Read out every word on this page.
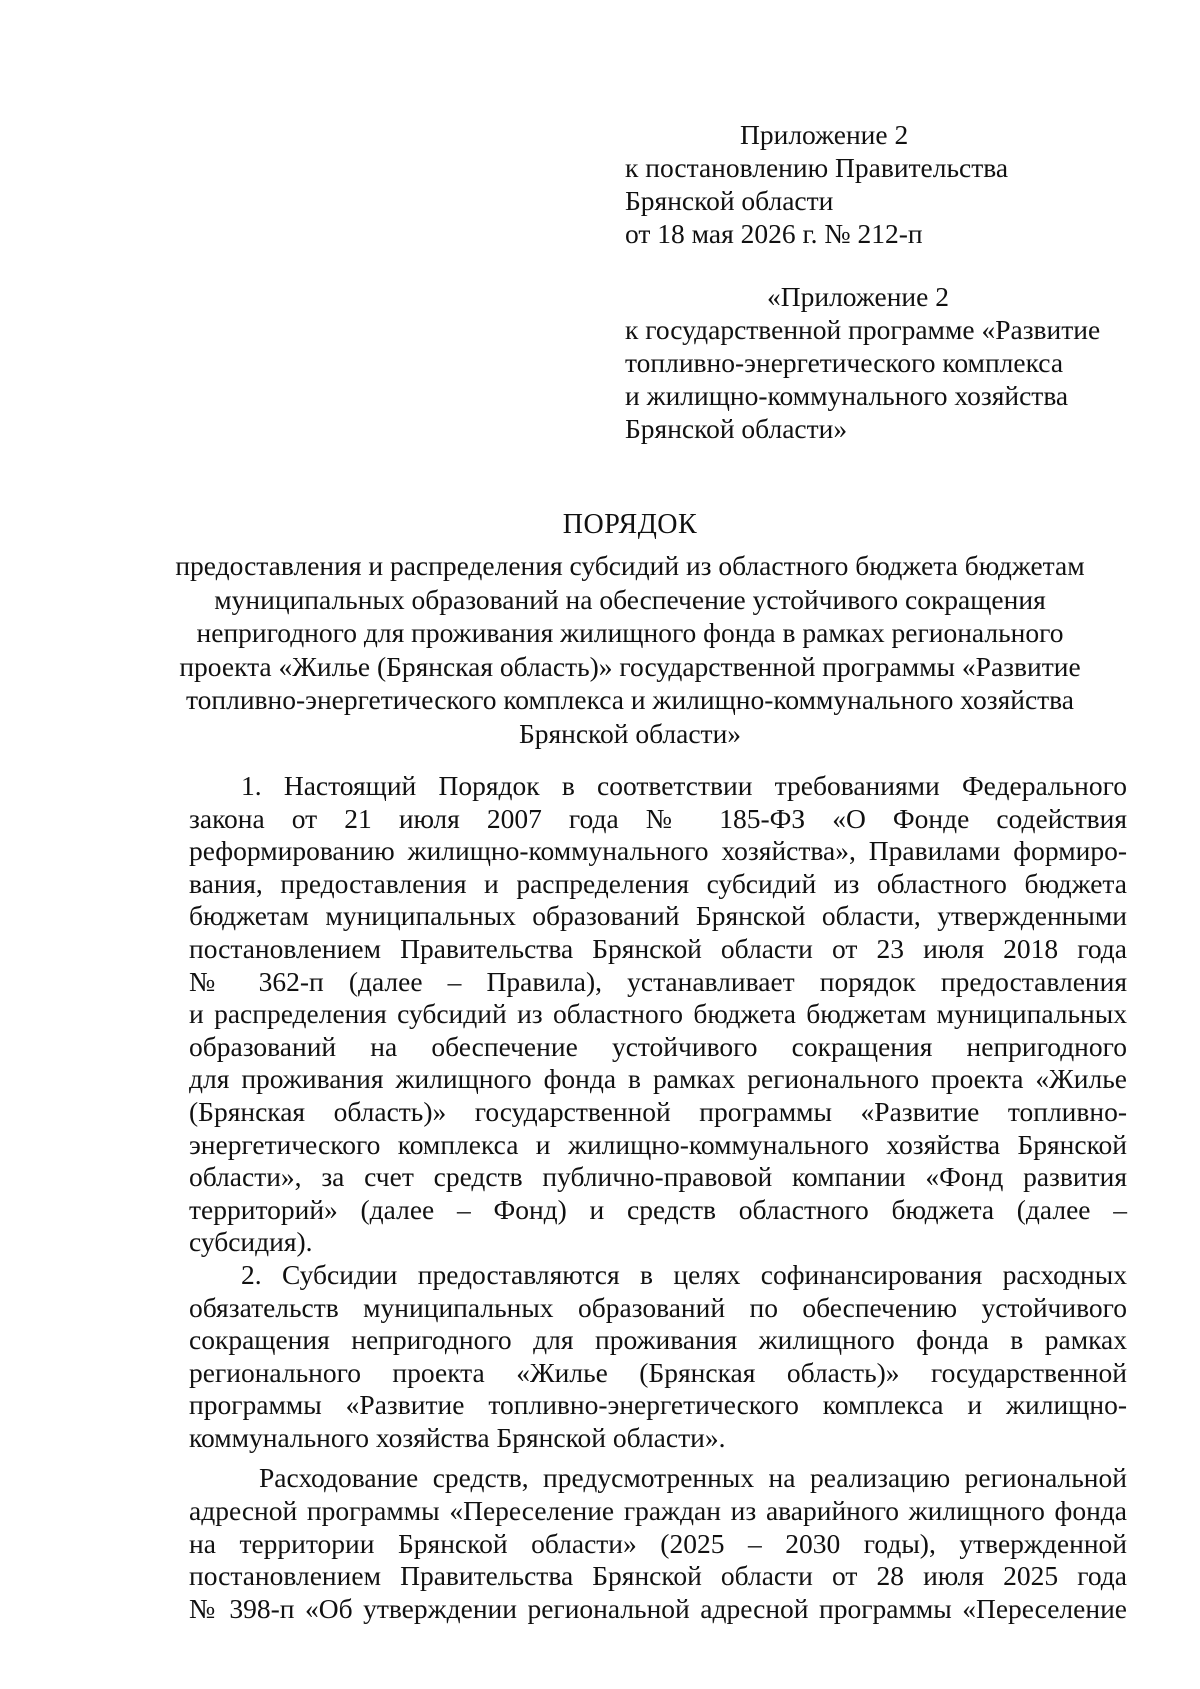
Приложение 2
к постановлению Правительства
Брянской области
от 18 мая 2026 г. № 212-п
«Приложение 2
к государственной программе «Развитие
топливно-энергетического комплекса
и жилищно-коммунального хозяйства
Брянской области»
ПОРЯДОК
предоставления и распределения субсидий из областного бюджета бюджетам
муниципальных образований на обеспечение устойчивого сокращения
непригодного для проживания жилищного фонда в рамках регионального
проекта «Жилье (Брянская область)» государственной программы «Развитие
топливно-энергетического комплекса и жилищно-коммунального хозяйства
Брянской области»
1. Настоящий Порядок в соответствии требованиями Федерального
закона от 21 июля 2007 года № 185-ФЗ «О Фонде содействия
реформированию жилищно-коммунального хозяйства», Правилами формиро-
вания, предоставления и распределения субсидий из областного бюджета
бюджетам муниципальных образований Брянской области, утвержденными
постановлением Правительства Брянской области от 23 июля 2018 года
№ 362-п (далее – Правила), устанавливает порядок предоставления
и распределения субсидий из областного бюджета бюджетам муниципальных
образований на обеспечение устойчивого сокращения непригодного
для проживания жилищного фонда в рамках регионального проекта «Жилье
(Брянская область)» государственной программы «Развитие топливно-
энергетического комплекса и жилищно-коммунального хозяйства Брянской
области», за счет средств публично-правовой компании «Фонд развития
территорий» (далее – Фонд) и средств областного бюджета (далее –
субсидия).
2. Субсидии предоставляются в целях софинансирования расходных
обязательств муниципальных образований по обеспечению устойчивого
сокращения непригодного для проживания жилищного фонда в рамках
регионального проекта «Жилье (Брянская область)» государственной
программы «Развитие топливно-энергетического комплекса и жилищно-
коммунального хозяйства Брянской области».
Расходование средств, предусмотренных на реализацию региональной
адресной программы «Переселение граждан из аварийного жилищного фонда
на территории Брянской области» (2025 – 2030 годы), утвержденной
постановлением Правительства Брянской области от 28 июля 2025 года
№ 398-п «Об утверждении региональной адресной программы «Переселение
